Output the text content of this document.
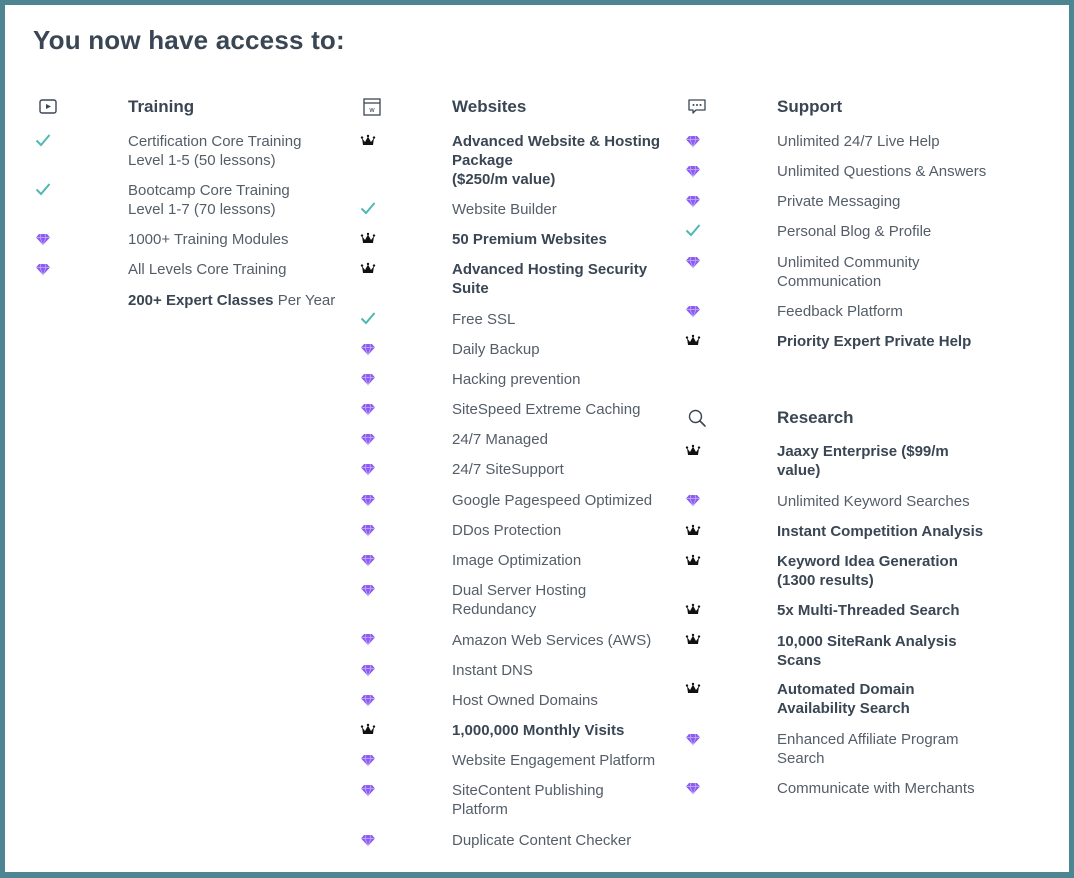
You now have access to:
Training	w	Websites	Support
Research
Certification Core Training
Level 1-5 (50 lessons)
Bootcamp Core Training
Level 1-7 (70 lessons)
1000+ Training Modules
All Levels Core Training
200+ Expert Classes Per Year
Advanced Website & Hosting
Package
($250/m value)
Website Builder
50 Premium Websites
Advanced Hosting Security
Suite
Free SSL
Daily Backup
Hacking prevention
SiteSpeed Extreme Caching
24/7 Managed
24/7 SiteSupport
Google Pagespeed Optimized
DDos Protection
Image Optimization
Dual Server Hosting
Redundancy
Amazon Web Services (AWS)
Instant DNS
Host Owned Domains
1,000,000 Monthly Visits
Website Engagement Platform
SiteContent Publishing
Platform
Duplicate Content Checker
Unlimited 24/7 Live Help
Unlimited Questions & Answers
Private Messaging
Personal Blog & Profile
Unlimited Community
Communication
Feedback Platform
Priority Expert Private Help
Jaaxy Enterprise ($99/m
value)
Unlimited Keyword Searches
Instant Competition Analysis
Keyword Idea Generation
(1300 results)
5x Multi-Threaded Search
10,000 SiteRank Analysis
Scans
Automated Domain
Availability Search
Enhanced Affiliate Program
Search
Communicate with Merchants
